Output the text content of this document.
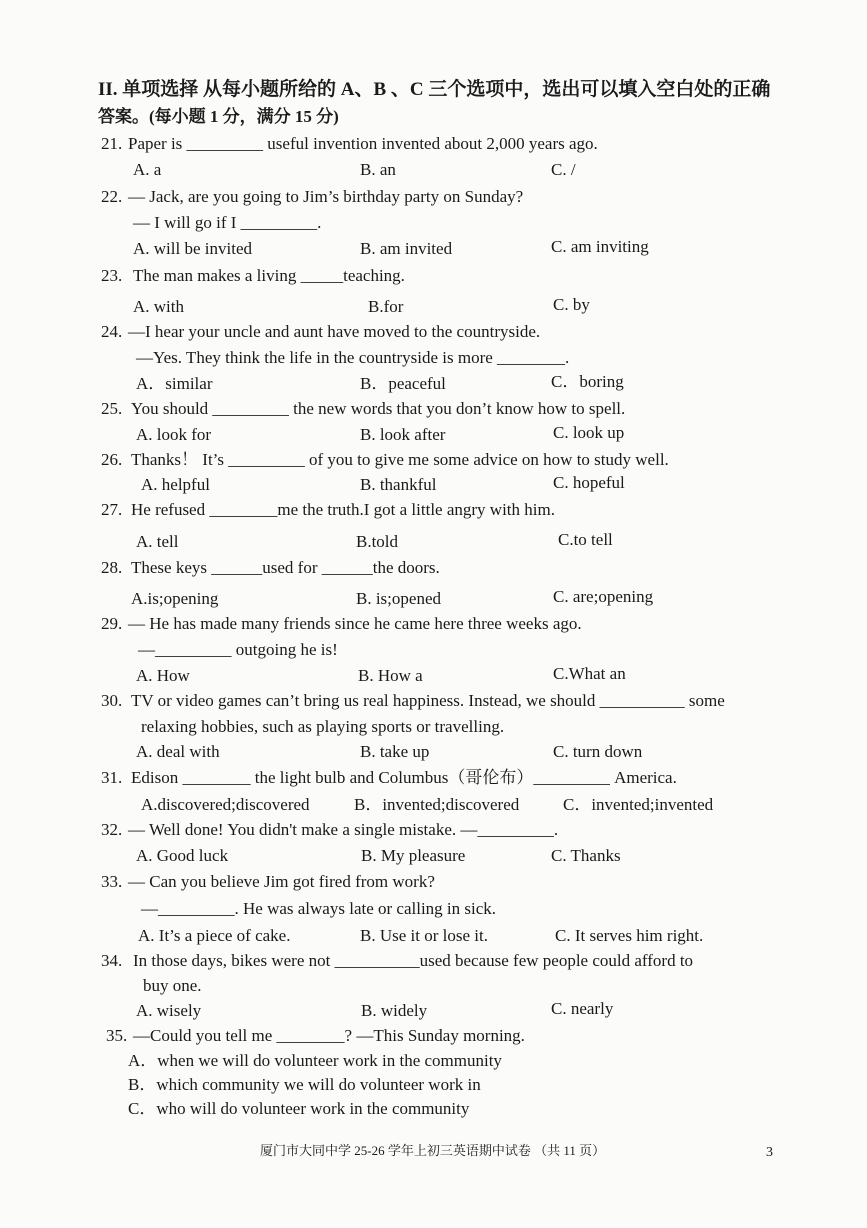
II. 单项选择 从每小题所给的 A、B 、C 三个选项中，选出可以填入空白处的正确
答案。(每小题 1 分，满分 15 分)
21. Paper is _________ useful invention invented about 2,000 years ago.
A. a	B. an	C. /
22. — Jack, are you going to Jim’s birthday party on Sunday?
— I will go if I _________.
A. will be invited	B. am invited	C. am inviting
23. The man makes a living _____teaching.
A. with	B.for	C. by
24. —I hear your uncle and aunt have moved to the countryside.
—Yes. They think the life in the countryside is more ________.
A．similar	B．peaceful	C．boring
25. You should _________ the new words that you don’t know how to spell.
A. look for	B. look after	C. look up
26. Thanks！ It’s _________ of you to give me some advice on how to study well.
A. helpful	B. thankful	C. hopeful
27. He refused ________me the truth.I got a little angry with him.
A. tell	B.told	C.to tell
28. These keys ______used for ______the doors.
A.is;opening	B. is;opened	C. are;opening
29. — He has made many friends since he came here three weeks ago.
—_________ outgoing he is!
A. How	B. How a	C.What an
30. TV or video games can’t bring us real happiness. Instead, we should __________ some
relaxing hobbies, such as playing sports or travelling.
A. deal with	B. take up	C. turn down
31. Edison ________ the light bulb and Columbus（哥伦布）_________ America.
A.discovered;discovered	B．invented;discovered	C．invented;invented
32. — Well done! You didn't make a single mistake. —_________.
A. Good luck	B. My pleasure	C. Thanks
33. — Can you believe Jim got fired from work?
—_________. He was always late or calling in sick.
A. It’s a piece of cake.	B. Use it or lose it.	C. It serves him right.
34. In those days, bikes were not __________used because few people could afford to
buy one.
A. wisely	B. widely	C. nearly
35. —Could you tell me ________? —This Sunday morning.
A．when we will do volunteer work in the community
B．which community we will do volunteer work in
C．who will do volunteer work in the community
厦门市大同中学 25-26 学年上初三英语期中试卷 （共 11 页）	3
